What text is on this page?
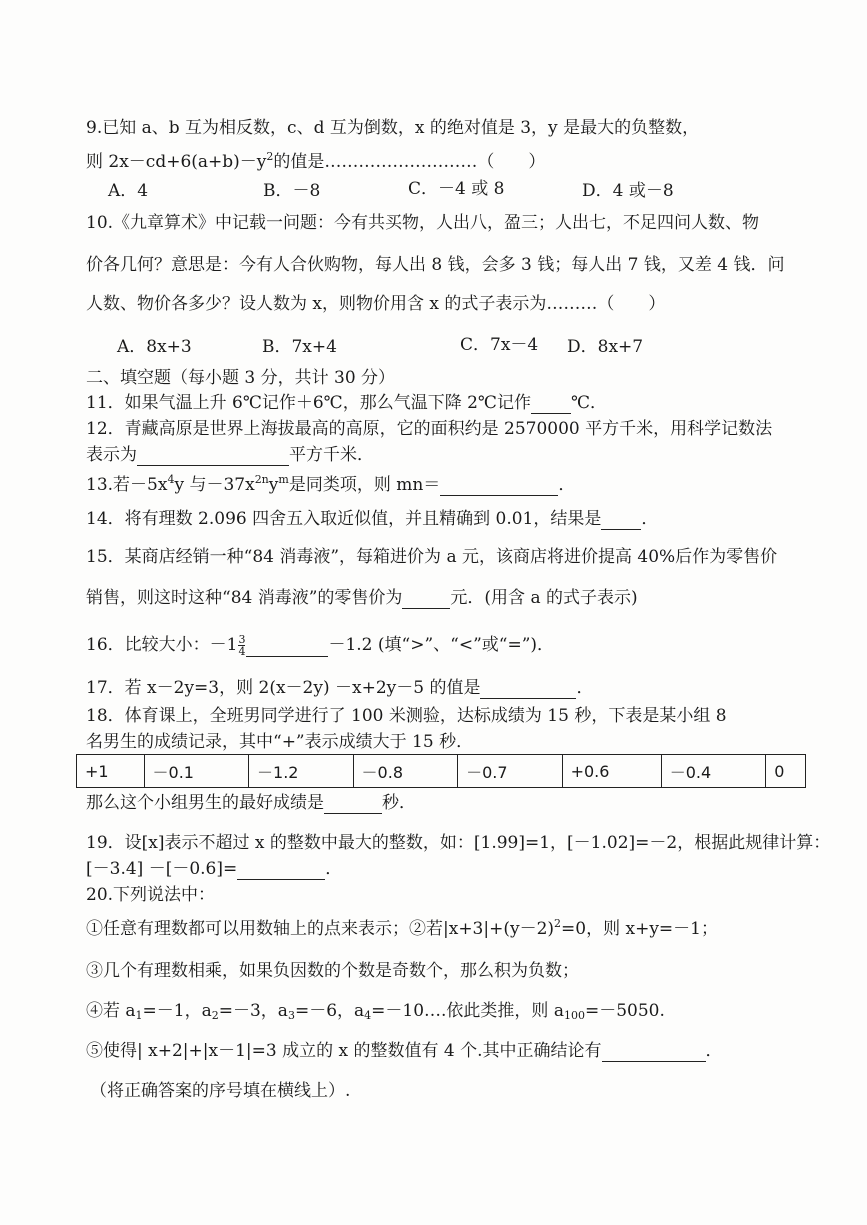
9.已知 a、b 互为相反数，c、d 互为倒数，x 的绝对值是 3，y 是最大的负整数，
则 $2x-cd+6(a+b)-y^2$的值是………………………（　　）
A．4	B．－8	C．－4 或 8	D．4 或－8
10.《九章算术》中记载一问题：今有共买物，人出八，盈三；人出七，不足四问人数、物
价各几何？意思是：今有人合伙购物，每人出 8 钱，会多 3 钱；每人出 7 钱，又差 4 钱．问
人数、物价各多少？设人数为 x，则物价用含 x 的式子表示为………（　　）
A．8x+3	B．7x+4	C．7x－4 D．8x+7
二、填空题（每小题 3 分，共计 30 分）
11．如果气温上升 6℃记作＋6℃，那么气温下降 2℃记作 ℃．
12．青藏高原是世界上海拔最高的高原，它的面积约是 2570000 平方千米，用科学记数法
表示为	平方千米．
13.若$-5x^4y$ 与$-37x^{2n}y^m$是同类项，则 mn＝	．
14．将有理数 2.096 四舍五入取近似值，并且精确到 0.01，结果是 ．
15．某商店经销一种“84 消毒液”，每箱进价为 a 元，该商店将进价提高 40%后作为零售价
销售，则这时这种“84 消毒液”的零售价为	元．(用含 a 的式子表示)
16．比较大小：$-1 \frac{3}{4}$	－1.2 (填“>”、“<”或“=”)．
17．若 x－2y=3，则 2(x－2y) －x+2y－5 的值是	．
18．体育课上，全班男同学进行了 100 米测验，达标成绩为 15 秒，下表是某小组 8
名男生的成绩记录，其中“+”表示成绩大于 15 秒．
+1	－0.1	－1.2	－0.8	－0.7	+0.6	－0.4	0
那么这个小组男生的最好成绩是	秒．
19．设[x]表示不超过 x 的整数中最大的整数，如：[1.99]=1，[－1.02]=－2，根据此规律计算：
[－3.4] －[－0.6]=	．
20.下列说法中：
①任意有理数都可以用数轴上的点来表示；②若$|x+3|+(y-2)^2=0$，则 x+y=－1；
③几个有理数相乘，如果负因数的个数是奇数个，那么积为负数；
④若 $a_1=-1$，$a_2=-3$，$a_3=-6$，$a_4=-10\dots$.依此类推，则 $a_{100}=-5050$.
⑤使得| x+2|+|x－1|=3 成立的 x 的整数值有 4 个.其中正确结论有	．
（将正确答案的序号填在横线上）.
